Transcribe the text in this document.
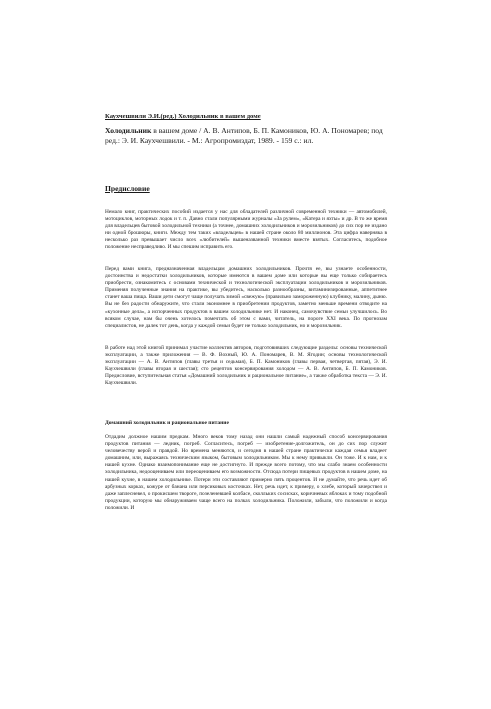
Каухчешвили Э.И.(ред.) Холодильник в вашем доме
Холодильник в вашем доме / А. В. Антипов, Б. П. Камоников, Ю. А. Пономарев; под ред.: Э. И. Каухчешвили. - М.: Агропромиздат, 1989. - 159 с.: ил.
Предисловие

Немало книг, практических пособий издается у нас для обладателей различной современной техники — автомобилей, мотоциклов, моторных лодок и т. п. Давно стали популярными журналы «За рулем», «Катера и яхты» и др. В то же время для владельцев бытовой холодильной техники (а точнее, домашних холодильников и морозильников) до сих пор не издано ни одной брошюры, книги. Между тем таких «владельцев» в нашей стране около 80 миллионов. Эта цифра наверняка в несколько раз превышает число всех «любителей» вышеназванной техники вместе взятых. Согласитесь, подобное положение несправедливо. И мы спешим исправить его.

Перед вами книга, предназначенная владельцам домашних холодильников. Прочтя ее, вы узнаете особенности, достоинства и недостатки холодильников, которые имеются в вашем доме или которые вы еще только собираетесь приобрести, ознакомитесь с основами технической и технологической эксплуатации холодильников и морозильников. Применяя полученные знания на практике, вы убедитесь, насколько разнообразны, витаминизированные, аппетитнее станет ваша пища. Ваши дети смогут чаще получать зимой «свежую» (правильно замороженную) клубнику, малину, дыню. Вы не без радости обнаружите, что стали экономнее в приобретении продуктов, заметно меньше времени отводите на «кухонные дела», а испорченных продуктов в вашем холодильнике нет. И наконец, самочувствие семьи улучшилось. Во всяком случае, нам бы очень хотелось помечтать об этом с вами, читатель, на пороге XXI века. По прогнозам специалистов, не далек тот день, когда у каждой семьи будет не только холодильник, но и морозильник.

В работе над этой книгой принимал участие коллектив авторов, подготовивших следующие разделы: основы технической эксплуатации, а также приложения — В. Ф. Вохный, Ю. А. Пономарев, В. М. Ягодин; основы технологической эксплуатации — А. В. Антипов (главы третья и седьмая), Б. П. Камоников (главы первая, четвертая, пятая), Э. И. Каухчешвили (главы вторая и шестая); сто рецептов консервирования холодом — А. В. Антипов, Б. П. Камоников. Предисловие, вступительная статья «Домашний холодильник и рациональное питание», а также обработка текста — Э. И. Каухчешвили.

Домашний холодильник и рациональное питание

Отдадим должное нашим предкам. Много веков тому назад они нашли самый надежный способ консервирования продуктов питания — ледник, погреб. Согласитесь, погреб — изобретение-долгожитель, он до сих пор служит человечеству верой и правдой. Но времена меняются, и сегодня в нашей стране практически каждая семья владеет домашним, или, выражаясь техническим языком, бытовым холодильником. Мы к нему привыкли. Он тоже. И к нам, и к нашей кухне. Однако взаимопонимание еще не достигнуто. И прежде всего потому, что мы слабо знаем особенности холодильника, недооцениваем или переоцениваем его возможности. Отсюда потери пищевых продуктов в нашем доме, на нашей кухне, в нашем холодильнике. Потери эти составляют примерно пять процентов. И не думайте, что речь идет об арбузных корках, кожуре от банана или персиковых косточках. Нет, речь идет, к примеру, о хлебе, который зачерствел и даже заплесневел, о прокисшем твороге, позеленевшей колбасе, сколльких сосисках, коричневых яблоках и тому подобной продукции, которую мы обнаруживаем чаще всего на полках холодильника. Положили, забыли, что положили и когда положили. И
